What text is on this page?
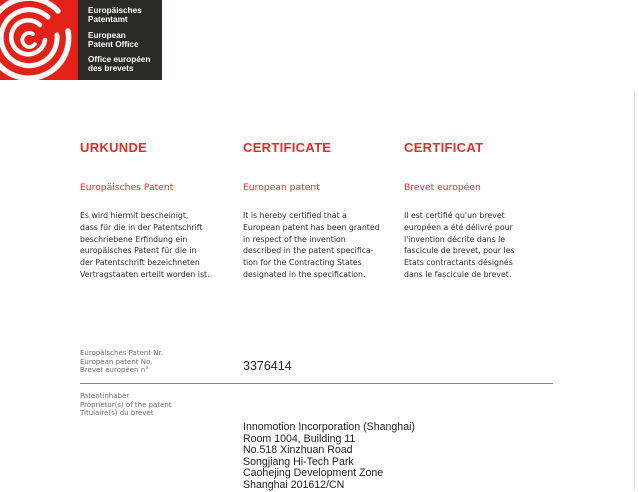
Europäisches
Patentamt
European
Patent Office
Office européen
des brevets
URKUNDE
Europäisches Patent
Es wird hiermit bescheinigt,
dass für die in der Patentschrift
beschriebene Erfindung ein
europäisches Patent für die in
der Patentschrift bezeichneten
Vertragstaaten erteilt worden ist.
CERTIFICATE
European patent
It is hereby certified that a
European patent has been granted
in respect of the invention
described in the patent specifica-
tion for the Contracting States
designated in the specification.
CERTIFICAT
Brevet européen
Il est certifié qu'un brevet
européen a été délivré pour
l'invention décrite dans le
fascicule de brevet, pour les
Etats contractants désignés
dans le fascicule de brevet.
Europäisches Patent Nr.
European patent No.
Brevet européen n°	3376414
Patentinhaber
Proprietor(s) of the patent
Titulaire(s) du brevet
Innomotion Incorporation (Shanghai)
Room 1004, Building 11
No.518 Xinzhuan Road
Songjiang Hi-Tech Park
Caohejing Development Zone
Shanghai 201612/CN
